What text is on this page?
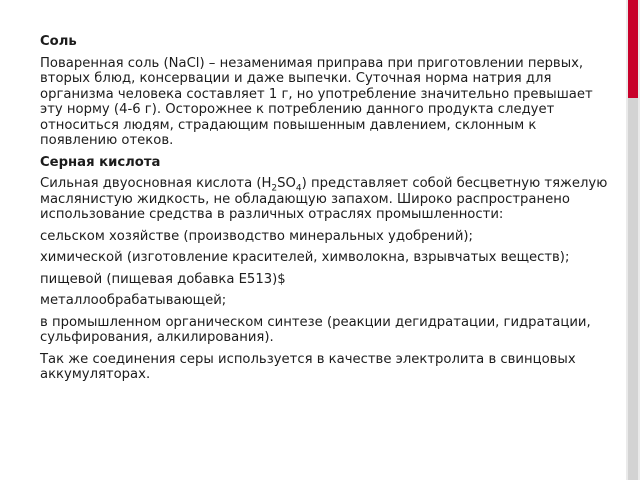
Соль
Поваренная соль (NaCl) – незаменимая приправа при приготовлении первых, вторых блюд, консервации и даже выпечки. Суточная норма натрия для организма человека составляет 1 г, но употребление значительно превышает эту норму (4-6 г). Осторожнее к потреблению данного продукта следует относиться людям, страдающим повышенным давлением, склонным к появлению отеков.
Серная кислота
Сильная двуосновная кислота $(H_2SO_4)$ представляет собой бесцветную тяжелую маслянистую жидкость, не обладающую запахом. Широко распространено использование средства в различных отраслях промышленности:
сельском хозяйстве (производство минеральных удобрений);
химической (изготовление красителей, химволокна, взрывчатых веществ);
пищевой (пищевая добавка Е513)$
металлообрабатывающей;
в промышленном органическом синтезе (реакции дегидратации, гидратации, сульфирования, алкилирования).
Так же соединения серы используется в качестве электролита в свинцовых аккумуляторах.
